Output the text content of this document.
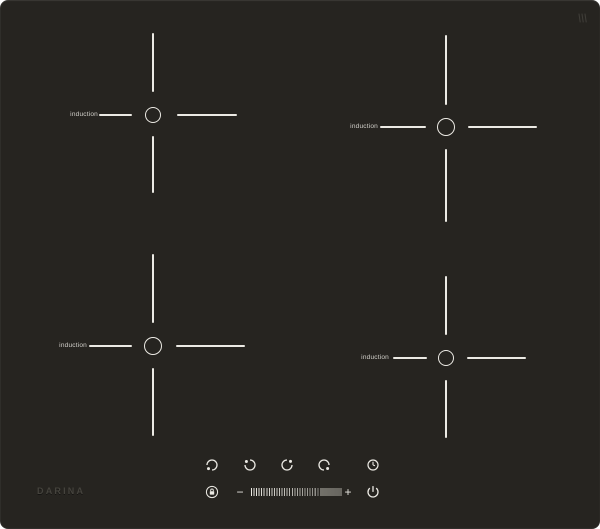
induction
induction
induction
induction
−	+
DARINA
